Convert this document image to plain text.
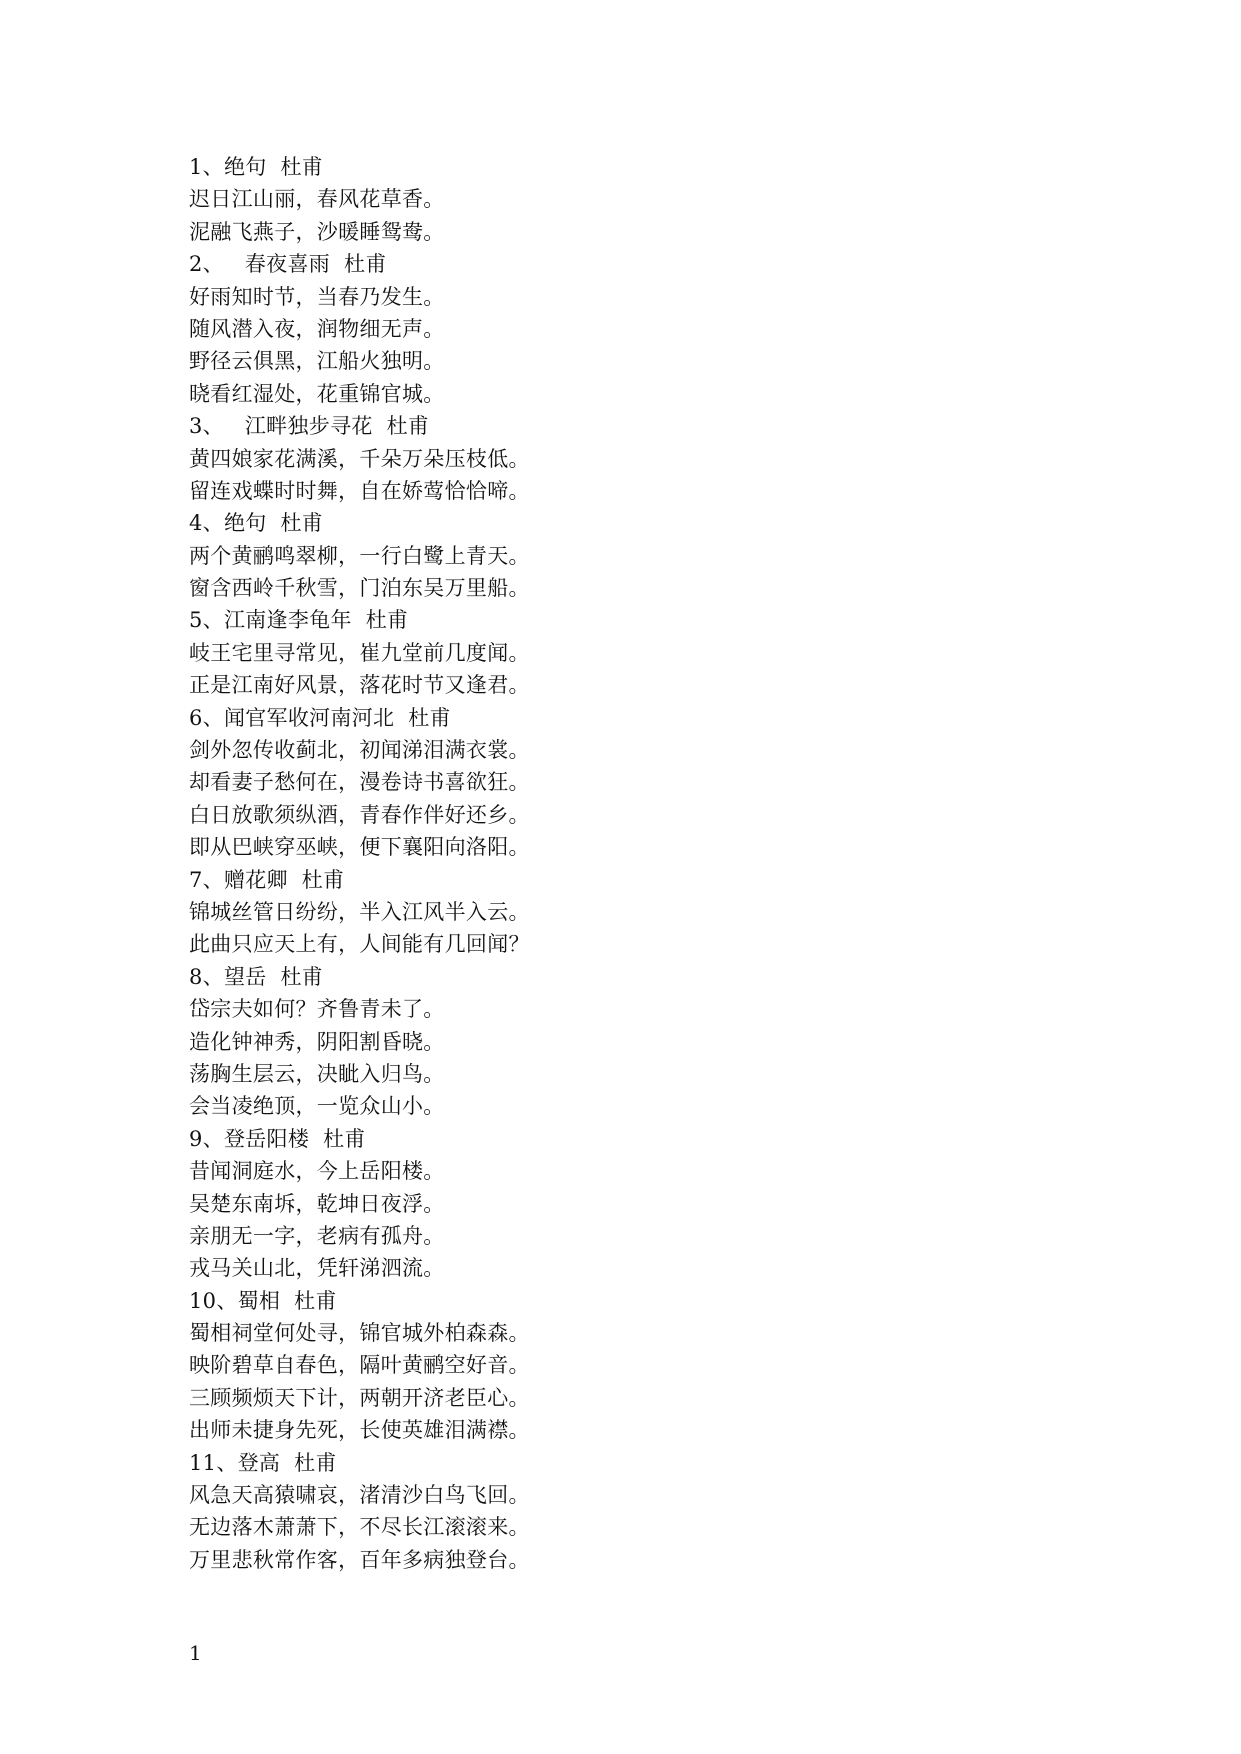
1、绝句  杜甫
迟日江山丽，春风花草香。
泥融飞燕子，沙暖睡鸳鸯。
2、   春夜喜雨  杜甫
好雨知时节，当春乃发生。
随风潜入夜，润物细无声。
野径云俱黑，江船火独明。
晓看红湿处，花重锦官城。
3、   江畔独步寻花  杜甫
黄四娘家花满溪，千朵万朵压枝低。
留连戏蝶时时舞，自在娇莺恰恰啼。
4、绝句  杜甫
两个黄鹂鸣翠柳，一行白鹭上青天。
窗含西岭千秋雪，门泊东吴万里船。
5、江南逢李龟年  杜甫
岐王宅里寻常见，崔九堂前几度闻。
正是江南好风景，落花时节又逢君。
6、闻官军收河南河北  杜甫
剑外忽传收蓟北，初闻涕泪满衣裳。
却看妻子愁何在，漫卷诗书喜欲狂。
白日放歌须纵酒，青春作伴好还乡。
即从巴峡穿巫峡，便下襄阳向洛阳。
7、赠花卿  杜甫
锦城丝管日纷纷，半入江风半入云。
此曲只应天上有，人间能有几回闻？
8、望岳  杜甫
岱宗夫如何？齐鲁青未了。
造化钟神秀，阴阳割昏晓。
荡胸生层云，决眦入归鸟。
会当凌绝顶，一览众山小。
9、登岳阳楼  杜甫
昔闻洞庭水，今上岳阳楼。
吴楚东南坼，乾坤日夜浮。
亲朋无一字，老病有孤舟。
戎马关山北，凭轩涕泗流。
10、蜀相  杜甫
蜀相祠堂何处寻，锦官城外柏森森。
映阶碧草自春色，隔叶黄鹂空好音。
三顾频烦天下计，两朝开济老臣心。
出师未捷身先死，长使英雄泪满襟。
11、登高  杜甫
风急天高猿啸哀，渚清沙白鸟飞回。
无边落木萧萧下，不尽长江滚滚来。
万里悲秋常作客，百年多病独登台。
1
